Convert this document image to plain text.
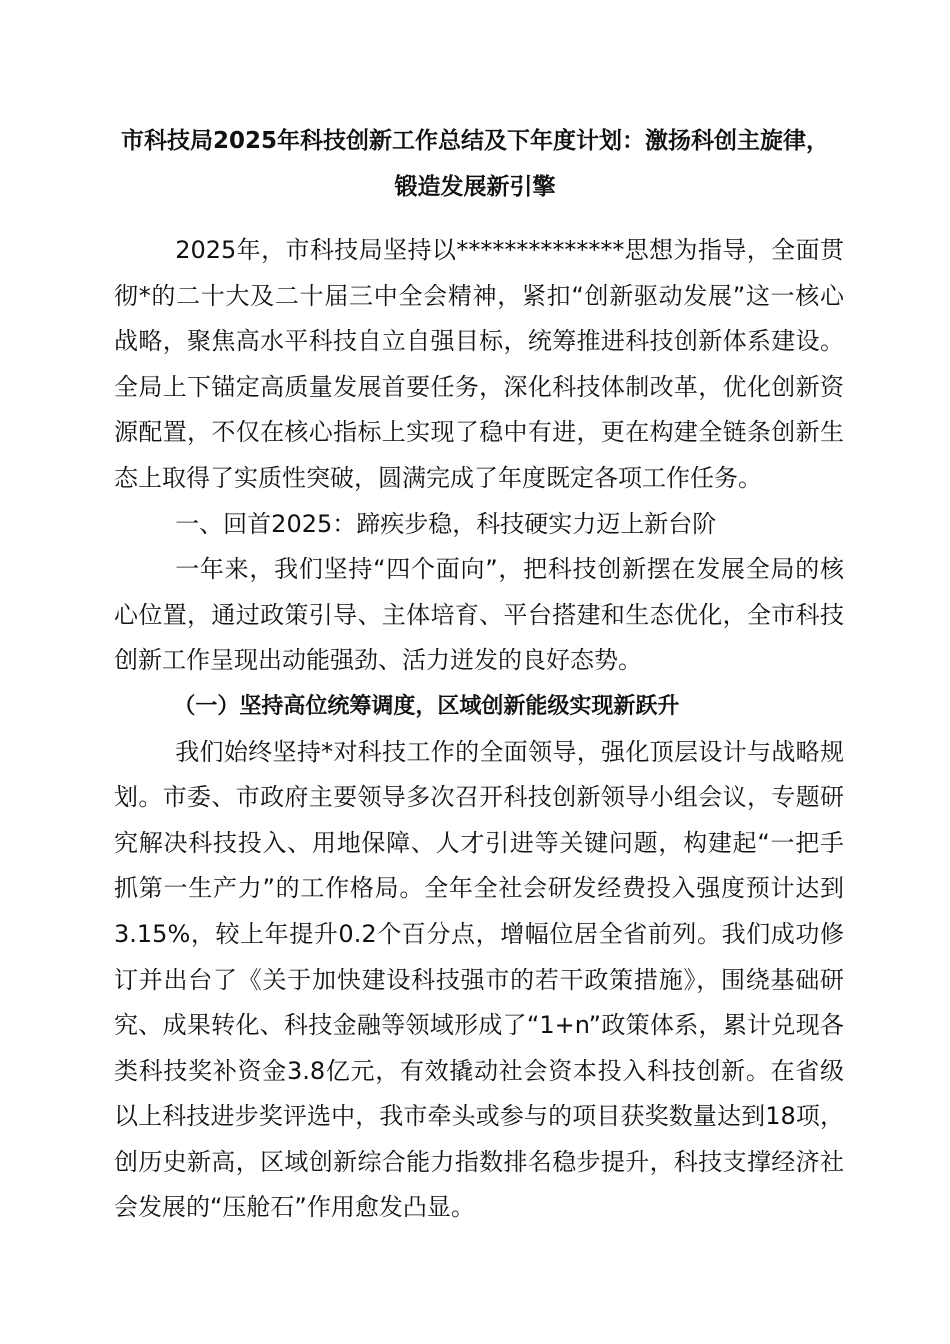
市科技局2025年科技创新工作总结及下年度计划：激扬科创主旋律，锻造发展新引擎

2025年，市科技局坚持以**************思想为指导，全面贯彻*的二十大及二十届三中全会精神，紧扣“创新驱动发展”这一核心战略，聚焦高水平科技自立自强目标，统筹推进科技创新体系建设。全局上下锚定高质量发展首要任务，深化科技体制改革，优化创新资源配置，不仅在核心指标上实现了稳中有进，更在构建全链条创新生态上取得了实质性突破，圆满完成了年度既定各项工作任务。

一、回首2025：蹄疾步稳，科技硬实力迈上新台阶

一年来，我们坚持“四个面向”，把科技创新摆在发展全局的核心位置，通过政策引导、主体培育、平台搭建和生态优化，全市科技创新工作呈现出动能强劲、活力迸发的良好态势。

（一）坚持高位统筹调度，区域创新能级实现新跃升

我们始终坚持*对科技工作的全面领导，强化顶层设计与战略规划。市委、市政府主要领导多次召开科技创新领导小组会议，专题研究解决科技投入、用地保障、人才引进等关键问题，构建起“一把手抓第一生产力”的工作格局。全年全社会研发经费投入强度预计达到3.15%，较上年提升0.2个百分点，增幅位居全省前列。我们成功修订并出台了《关于加快建设科技强市的若干政策措施》，围绕基础研究、成果转化、科技金融等领域形成了“1+n”政策体系，累计兑现各类科技奖补资金3.8亿元，有效撬动社会资本投入科技创新。在省级以上科技进步奖评选中，我市牵头或参与的项目获奖数量达到18项，创历史新高，区域创新综合能力指数排名稳步提升，科技支撑经济社会发展的“压舱石”作用愈发凸显。
